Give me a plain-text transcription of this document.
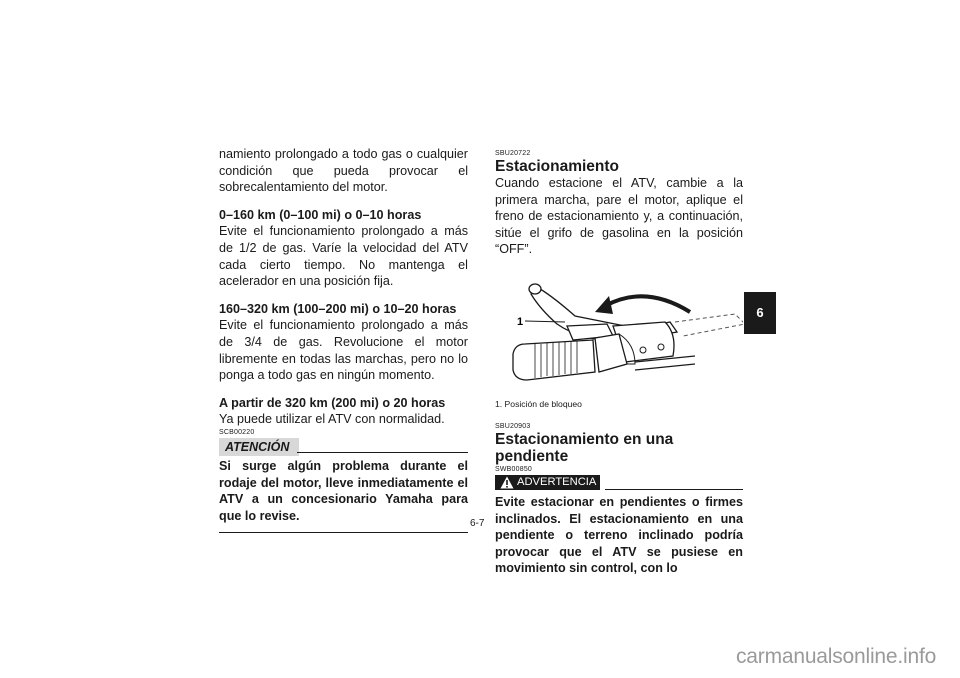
namiento prolongado a todo gas o cualquier condición que pueda provocar el sobrecalentamiento del motor.

0–160 km (0–100 mi) o 0–10 horas

Evite el funcionamiento prolongado a más de 1/2 de gas. Varíe la velocidad del ATV cada cierto tiempo. No mantenga el acelerador en una posición fija.

160–320 km (100–200 mi) o 10–20 horas

Evite el funcionamiento prolongado a más de 3/4 de gas. Revolucione el motor libremente en todas las marchas, pero no lo ponga a todo gas en ningún momento.

A partir de 320 km (200 mi) o 20 horas

Ya puede utilizar el ATV con normalidad.

SCB00220

ATENCIÓN

Si surge algún problema durante el rodaje del motor, lleve inmediatamente el ATV a un concesionario Yamaha para que lo revise.

SBU20722

Estacionamiento

Cuando estacione el ATV, cambie a la primera marcha, pare el motor, aplique el freno de estacionamiento y, a continuación, sitúe el grifo de gasolina en la posición “OFF”.

1

1. Posición de bloqueo

SBU20903

Estacionamiento en una pendiente

SWB00850

ADVERTENCIA

Evite estacionar en pendientes o firmes inclinados. El estacionamiento en una pendiente o terreno inclinado podría provocar que el ATV se pusiese en movimiento sin control, con lo

6
6-7
carmanualsonline.info
